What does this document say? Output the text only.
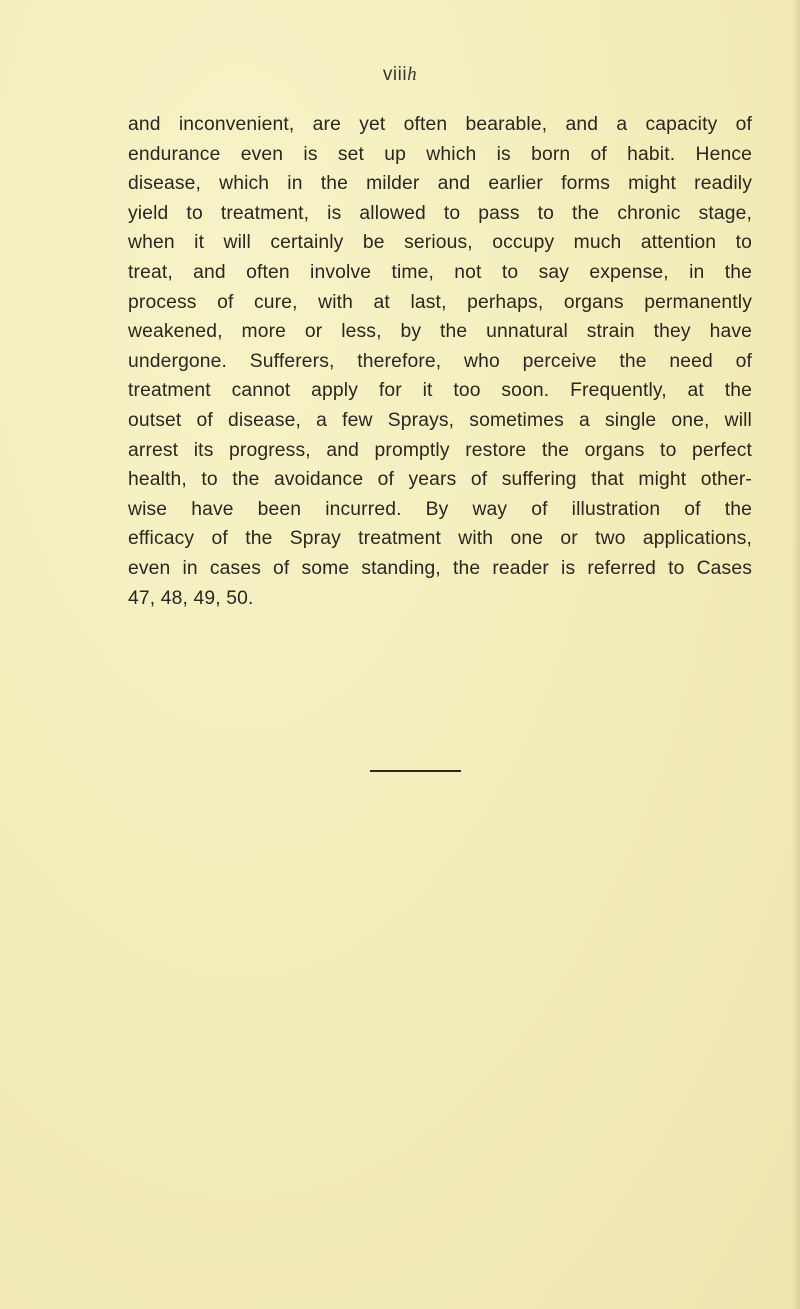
viiih
and inconvenient, are yet often bearable, and a capacity of
endurance even is set up which is born of habit. Hence
disease, which in the milder and earlier forms might readily
yield to treatment, is allowed to pass to the chronic stage,
when it will certainly be serious, occupy much attention to
treat, and often involve time, not to say expense, in the
process of cure, with at last, perhaps, organs permanently
weakened, more or less, by the unnatural strain they have
undergone. Sufferers, therefore, who perceive the need of
treatment cannot apply for it too soon. Frequently, at the
outset of disease, a few Sprays, sometimes a single one, will
arrest its progress, and promptly restore the organs to perfect
health, to the avoidance of years of suffering that might other-
wise have been incurred. By way of illustration of the
efficacy of the Spray treatment with one or two applications,
even in cases of some standing, the reader is referred to Cases
47, 48, 49, 50.
